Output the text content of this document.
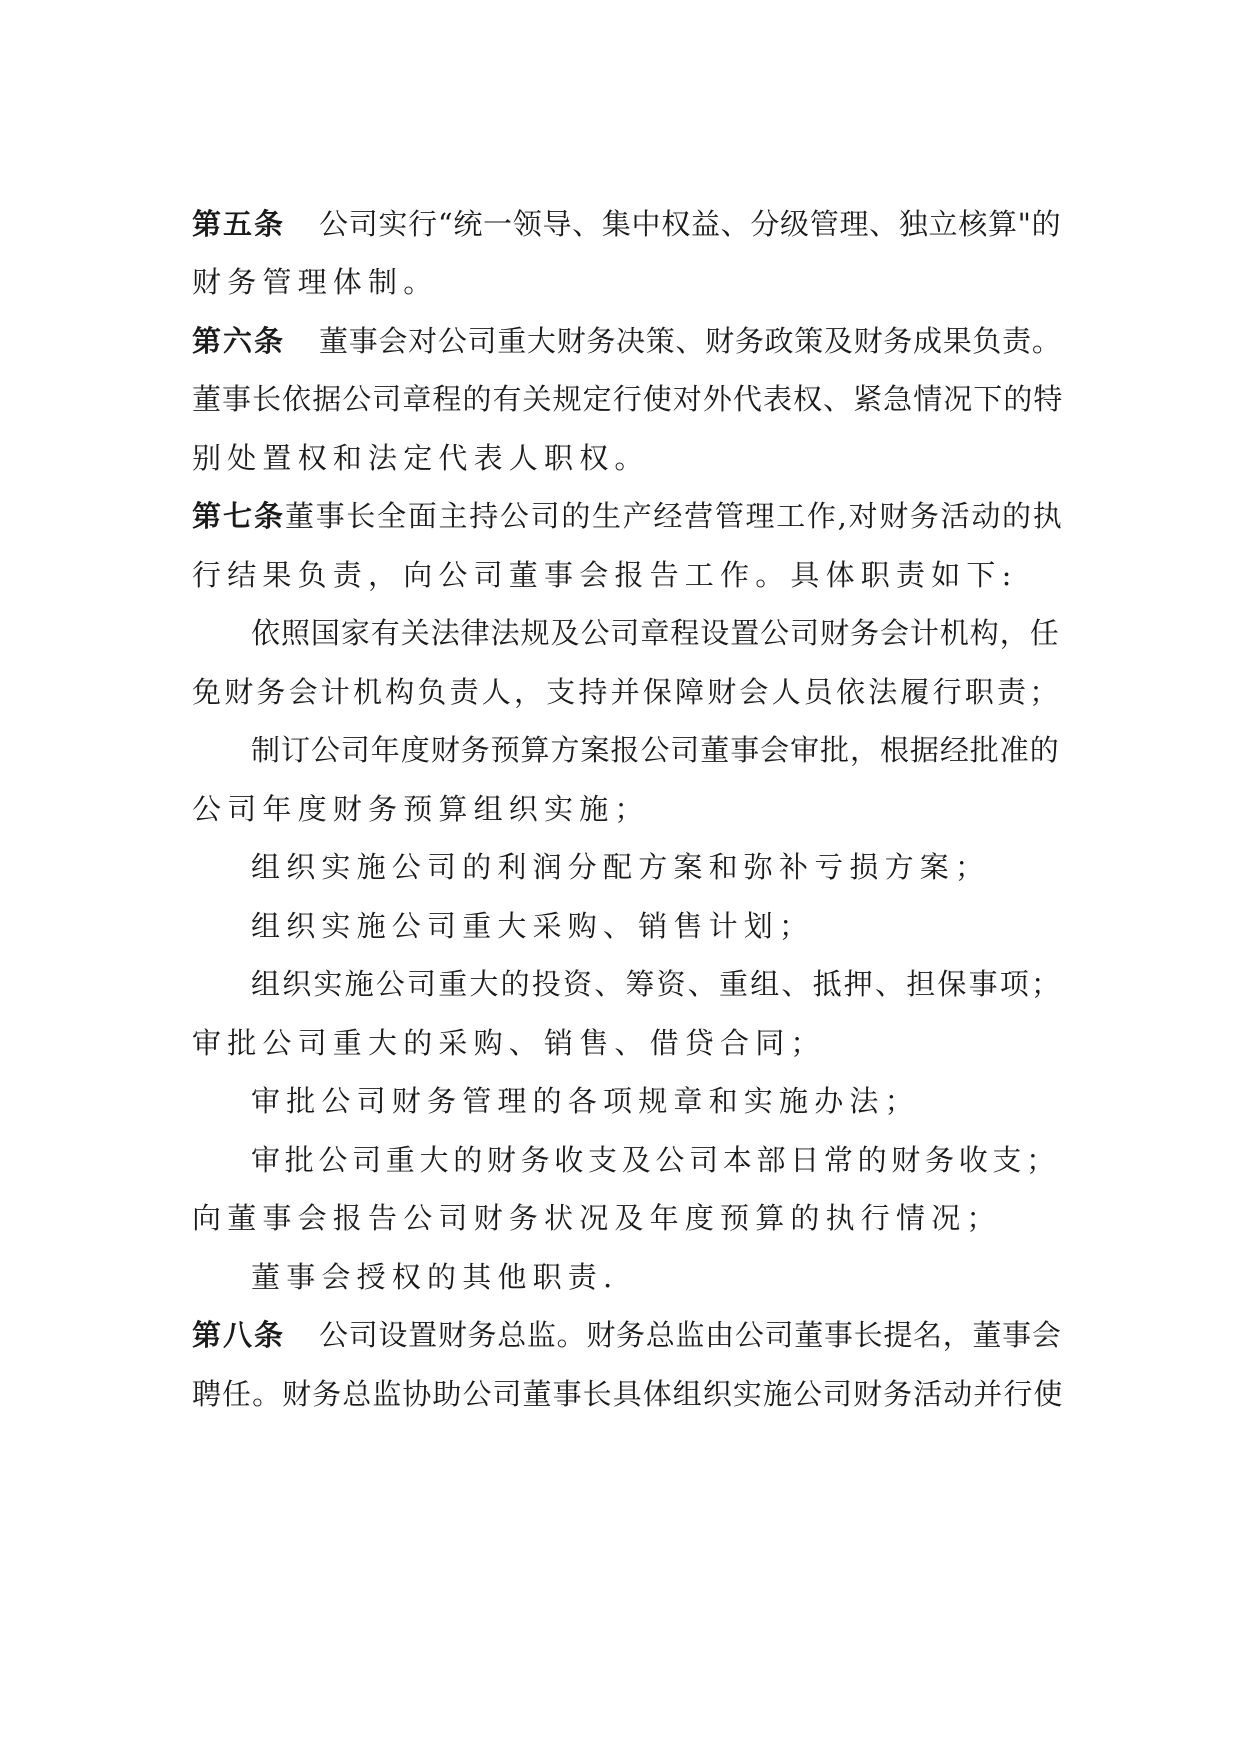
第五条 公司实行“统一领导、集中权益、分级管理、独立核算"的
财务管理体制。
第六条 董事会对公司重大财务决策、财务政策及财务成果负责。
董事长依据公司章程的有关规定行使对外代表权、紧急情况下的特
别处置权和法定代表人职权。
第七条董事长全面主持公司的生产经营管理工作,对财务活动的执
行结果负责，向公司董事会报告工作。具体职责如下:
依照国家有关法律法规及公司章程设置公司财务会计机构，任
免财务会计机构负责人，支持并保障财会人员依法履行职责；
制订公司年度财务预算方案报公司董事会审批，根据经批准的
公司年度财务预算组织实施；
组织实施公司的利润分配方案和弥补亏损方案；
组织实施公司重大采购、销售计划；
组织实施公司重大的投资、筹资、重组、抵押、担保事项；
审批公司重大的采购、销售、借贷合同；
审批公司财务管理的各项规章和实施办法；
审批公司重大的财务收支及公司本部日常的财务收支；
向董事会报告公司财务状况及年度预算的执行情况；
董事会授权的其他职责.
第八条 公司设置财务总监。财务总监由公司董事长提名，董事会
聘任。财务总监协助公司董事长具体组织实施公司财务活动并行使
